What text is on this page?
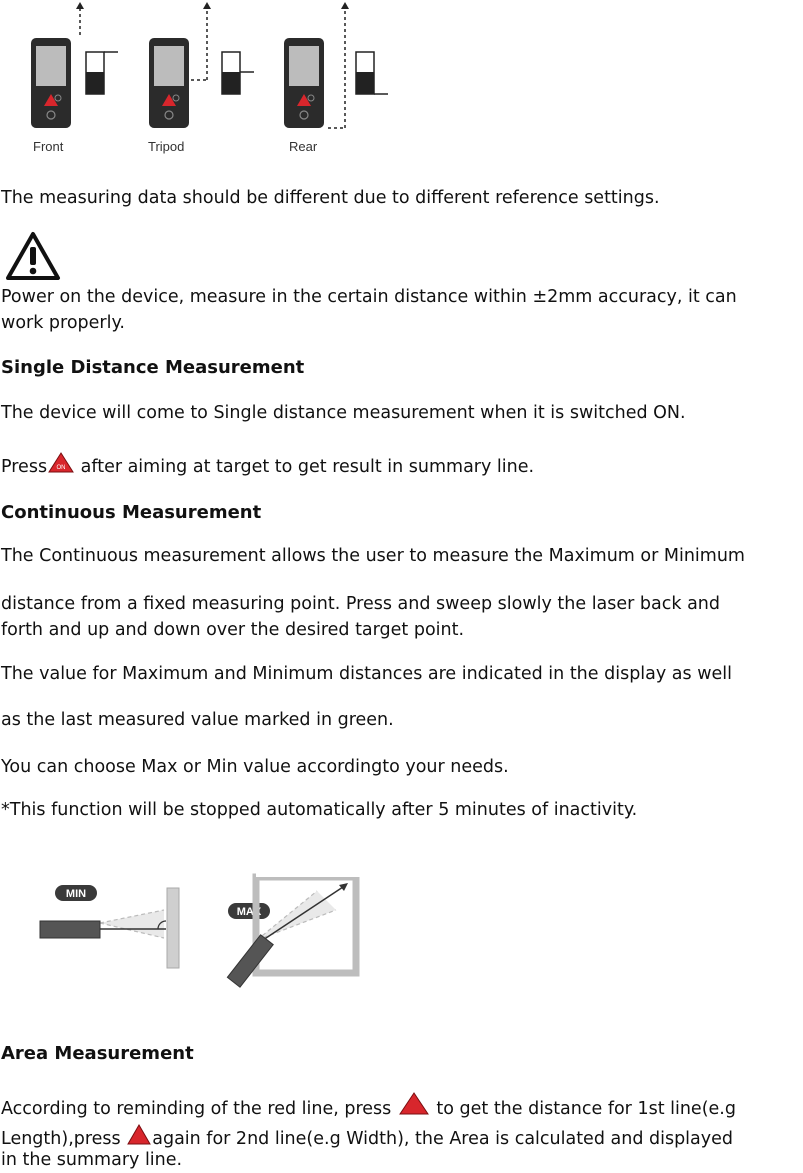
Front	Tripod	Rear
The measuring data should be different due to different reference settings.
Power on the device, measure in the certain distance within ±2mm accuracy, it can
work properly.
Single Distance Measurement
The device will come to Single distance measurement when it is switched ON.
Press ON after aiming at target to get result in summary line.
Continuous Measurement
The Continuous measurement allows the user to measure the Maximum or Minimum
distance from a fixed measuring point. Press and sweep slowly the laser back and
forth and up and down over the desired target point.
The value for Maximum and Minimum distances are indicated in the display as well
as the last measured value marked in green.
You can choose Max or Min value accordingto your needs.
*This function will be stopped automatically after 5 minutes of inactivity.
MIN
MAX
Area Measurement
According to reminding of the red line, press  to get the distance for 1st line(e.g
Length),press again for 2nd line(e.g Width), the Area is calculated and displayed
in the summary line.
